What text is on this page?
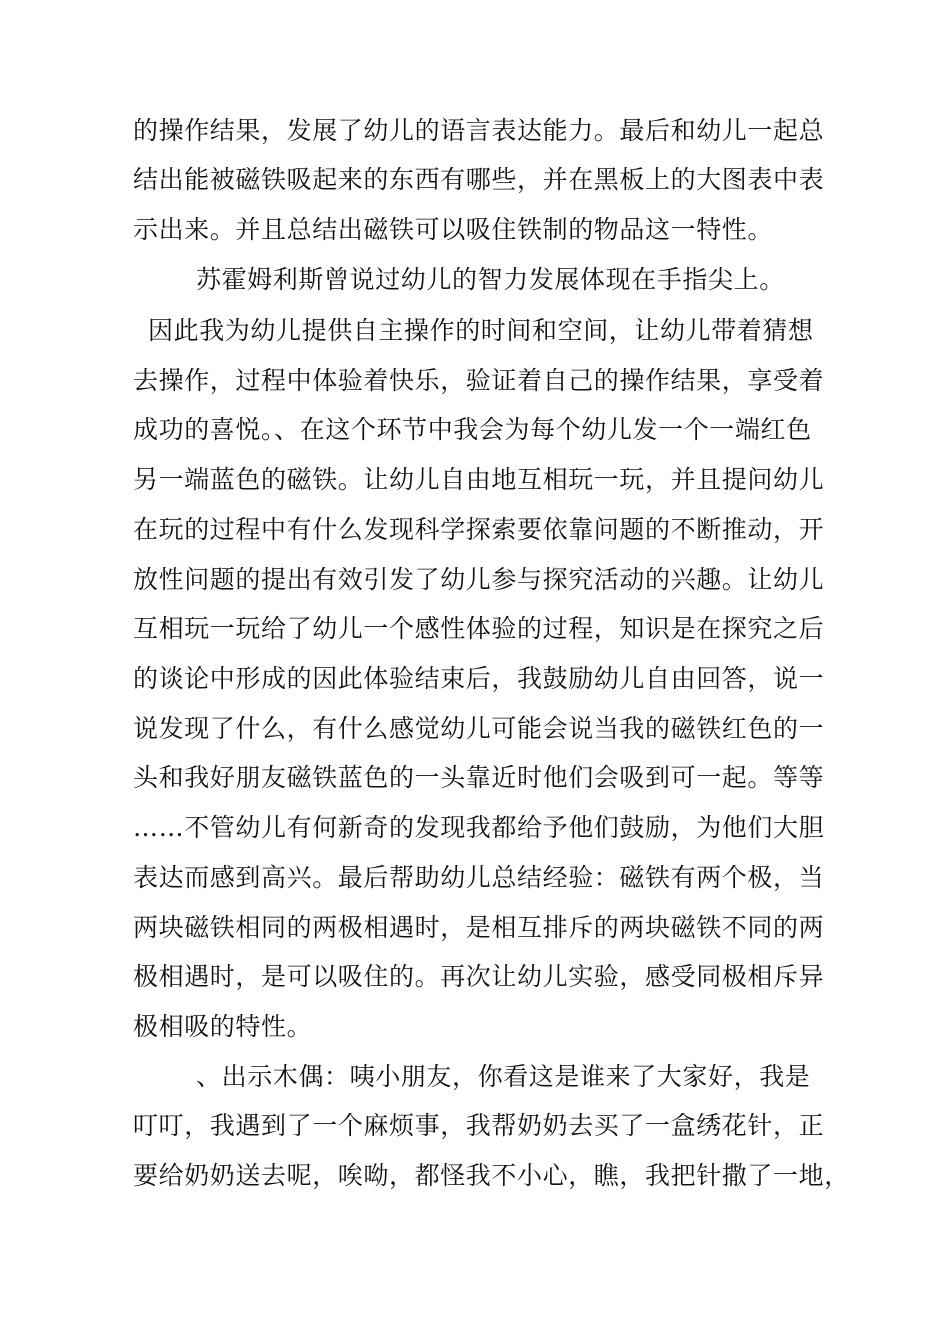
的操作结果，发展了幼儿的语言表达能力。最后和幼儿一起总
结出能被磁铁吸起来的东西有哪些，并在黑板上的大图表中表
示出来。并且总结出磁铁可以吸住铁制的物品这一特性。
苏霍姆利斯曾说过幼儿的智力发展体现在手指尖上。
因此我为幼儿提供自主操作的时间和空间，让幼儿带着猜想
去操作，过程中体验着快乐，验证着自己的操作结果，享受着
成功的喜悦。、在这个环节中我会为每个幼儿发一个一端红色
另一端蓝色的磁铁。让幼儿自由地互相玩一玩，并且提问幼儿
在玩的过程中有什么发现科学探索要依靠问题的不断推动，开
放性问题的提出有效引发了幼儿参与探究活动的兴趣。让幼儿
互相玩一玩给了幼儿一个感性体验的过程，知识是在探究之后
的谈论中形成的因此体验结束后，我鼓励幼儿自由回答，说一
说发现了什么，有什么感觉幼儿可能会说当我的磁铁红色的一
头和我好朋友磁铁蓝色的一头靠近时他们会吸到可一起。等等
……不管幼儿有何新奇的发现我都给予他们鼓励，为他们大胆
表达而感到高兴。最后帮助幼儿总结经验：磁铁有两个极，当
两块磁铁相同的两极相遇时，是相互排斥的两块磁铁不同的两
极相遇时，是可以吸住的。再次让幼儿实验，感受同极相斥异
极相吸的特性。
、出示木偶：咦小朋友，你看这是谁来了大家好，我是
叮叮，我遇到了一个麻烦事，我帮奶奶去买了一盒绣花针，正
要给奶奶送去呢，唉呦，都怪我不小心，瞧，我把针撒了一地，
